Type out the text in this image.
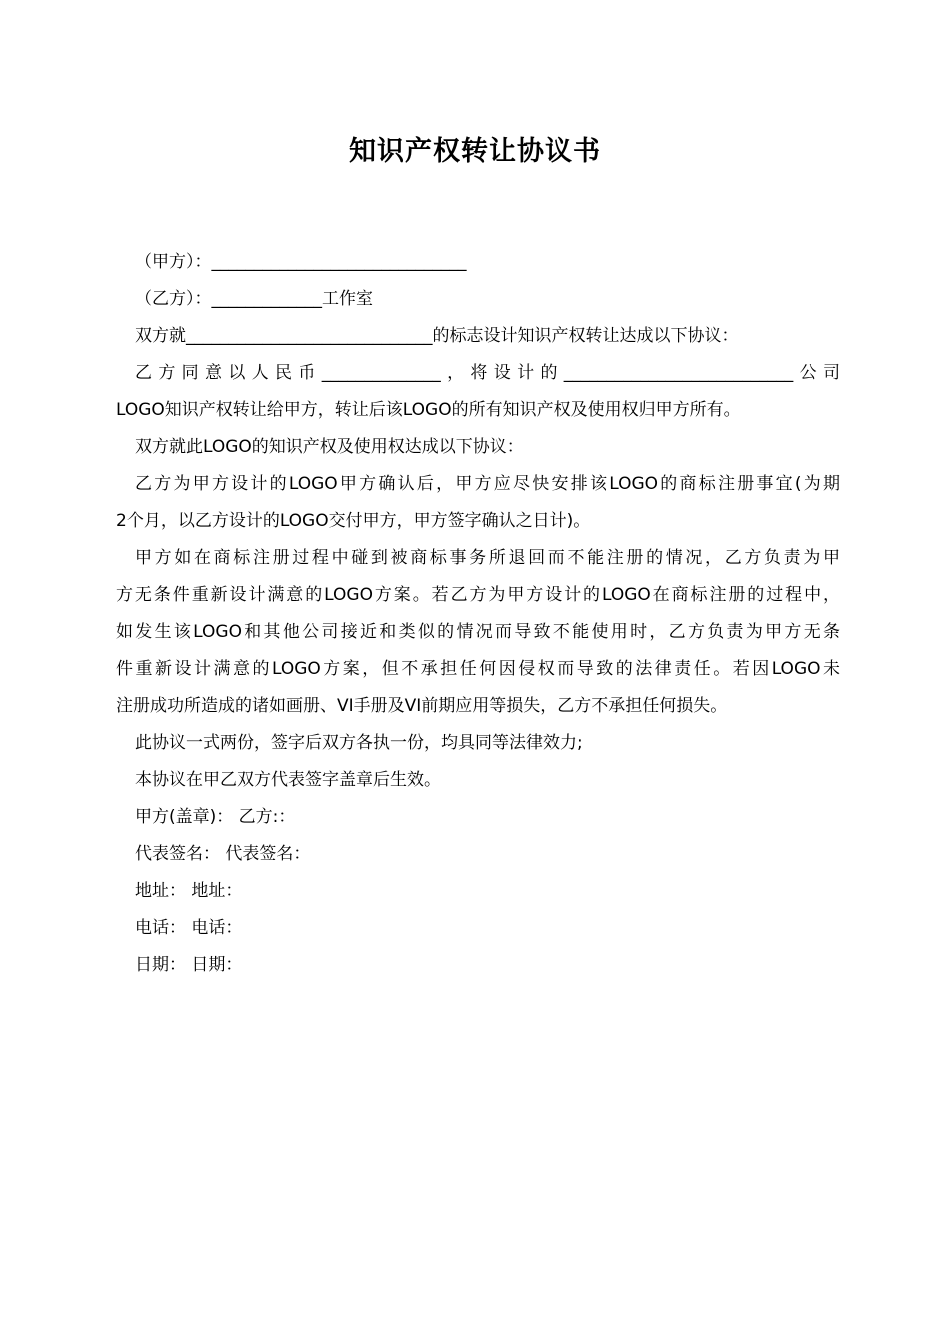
知识产权转让协议书
（甲方）：______________________________
（乙方）：_____________工作室
双方就_____________________________的标志设计知识产权转让达成以下协议：
乙方同意以人民币______________，将设计的___________________________公司
LOGO知识产权转让给甲方，转让后该LOGO的所有知识产权及使用权归甲方所有。
双方就此LOGO的知识产权及使用权达成以下协议：
乙方为甲方设计的LOGO甲方确认后，甲方应尽快安排该LOGO的商标注册事宜(为期
2个月，以乙方设计的LOGO交付甲方，甲方签字确认之日计)。
甲方如在商标注册过程中碰到被商标事务所退回而不能注册的情况，乙方负责为甲
方无条件重新设计满意的LOGO方案。若乙方为甲方设计的LOGO在商标注册的过程中，
如发生该LOGO和其他公司接近和类似的情况而导致不能使用时，乙方负责为甲方无条
件重新设计满意的LOGO方案，但不承担任何因侵权而导致的法律责任。若因LOGO未
注册成功所造成的诸如画册、VI手册及VI前期应用等损失，乙方不承担任何损失。
此协议一式两份，签字后双方各执一份，均具同等法律效力;
本协议在甲乙双方代表签字盖章后生效。
甲方(盖章)： 乙方:：
代表签名： 代表签名：
地址： 地址：
电话： 电话：
日期： 日期：
